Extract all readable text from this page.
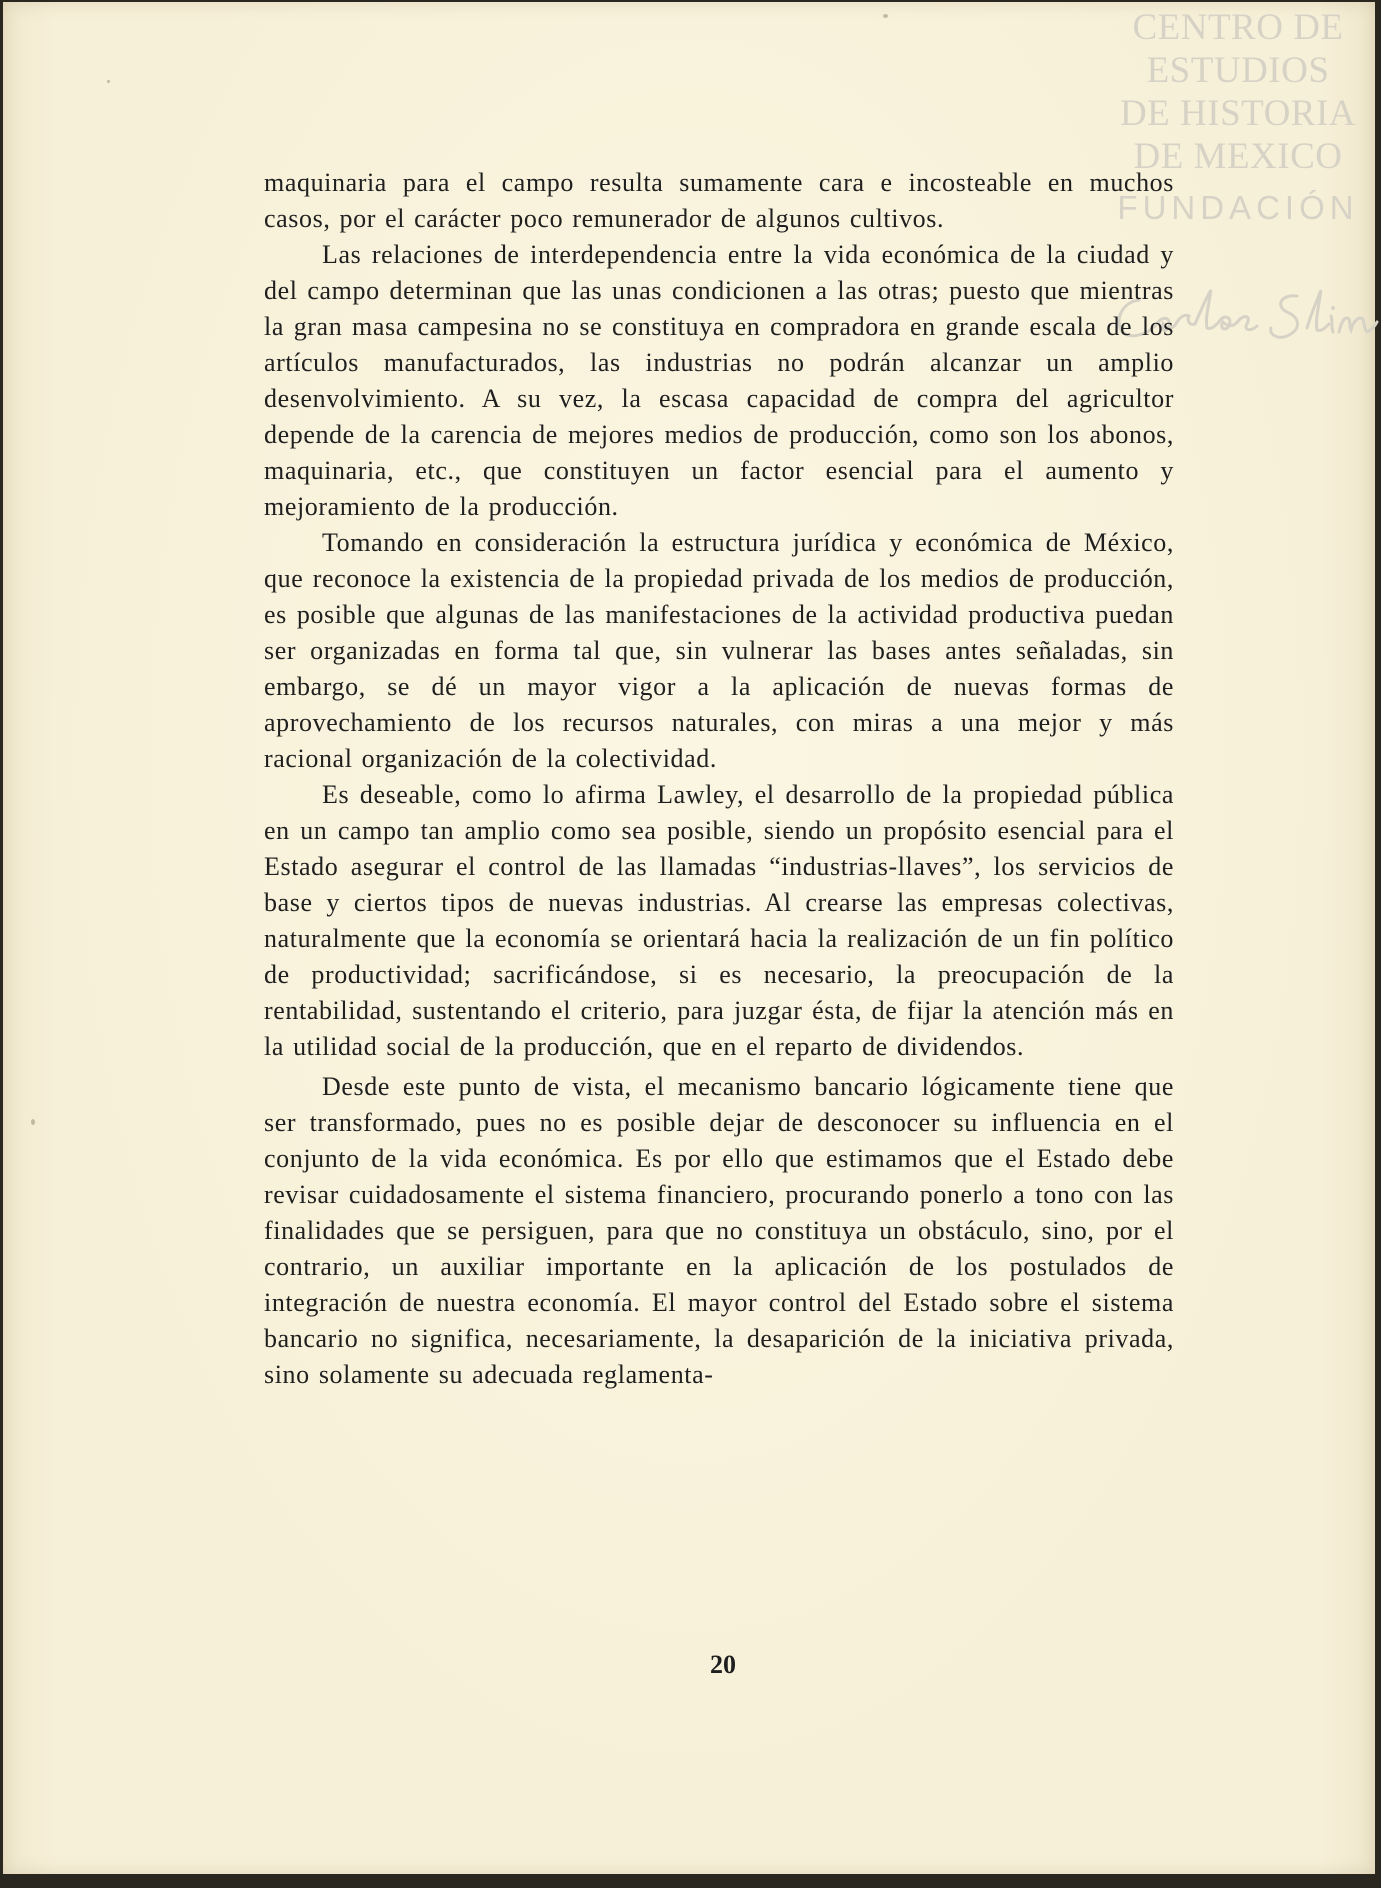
CENTRO DE
ESTUDIOS
DE HISTORIA
DE MEXICO
FUNDACIÓN

maquinaria para el campo resulta sumamente cara e incosteable en muchos casos, por el carácter poco remunerador de algunos cultivos.

Las relaciones de interdependencia entre la vida económica de la ciudad y del campo determinan que las unas condicionen a las otras; puesto que mientras la gran masa campesina no se constituya en compradora en grande escala de los artículos manufacturados, las industrias no podrán alcanzar un amplio desenvolvimiento. A su vez, la escasa capacidad de compra del agricultor depende de la carencia de mejores medios de producción, como son los abonos, maquinaria, etc., que constituyen un factor esencial para el aumento y mejoramiento de la producción.

Tomando en consideración la estructura jurídica y económica de México, que reconoce la existencia de la propiedad privada de los medios de producción, es posible que algunas de las manifestaciones de la actividad productiva puedan ser organizadas en forma tal que, sin vulnerar las bases antes señaladas, sin embargo, se dé un mayor vigor a la aplicación de nuevas formas de aprovechamiento de los recursos naturales, con miras a una mejor y más racional organización de la colectividad.

Es deseable, como lo afirma Lawley, el desarrollo de la propiedad pública en un campo tan amplio como sea posible, siendo un propósito esencial para el Estado asegurar el control de las llamadas “industrias-llaves”, los servicios de base y ciertos tipos de nuevas industrias. Al crearse las empresas colectivas, naturalmente que la economía se orientará hacia la realización de un fin político de productividad; sacrificándose, si es necesario, la preocupación de la rentabilidad, sustentando el criterio, para juzgar ésta, de fijar la atención más en la utilidad social de la producción, que en el reparto de dividendos.

Desde este punto de vista, el mecanismo bancario lógicamente tiene que ser transformado, pues no es posible dejar de desconocer su influencia en el conjunto de la vida económica. Es por ello que estimamos que el Estado debe revisar cuidadosamente el sistema financiero, procurando ponerlo a tono con las finalidades que se persiguen, para que no constituya un obstáculo, sino, por el contrario, un auxiliar importante en la aplicación de los postulados de integración de nuestra economía. El mayor control del Estado sobre el sistema bancario no significa, necesariamente, la desaparición de la iniciativa privada, sino solamente su adecuada reglamenta-

20
